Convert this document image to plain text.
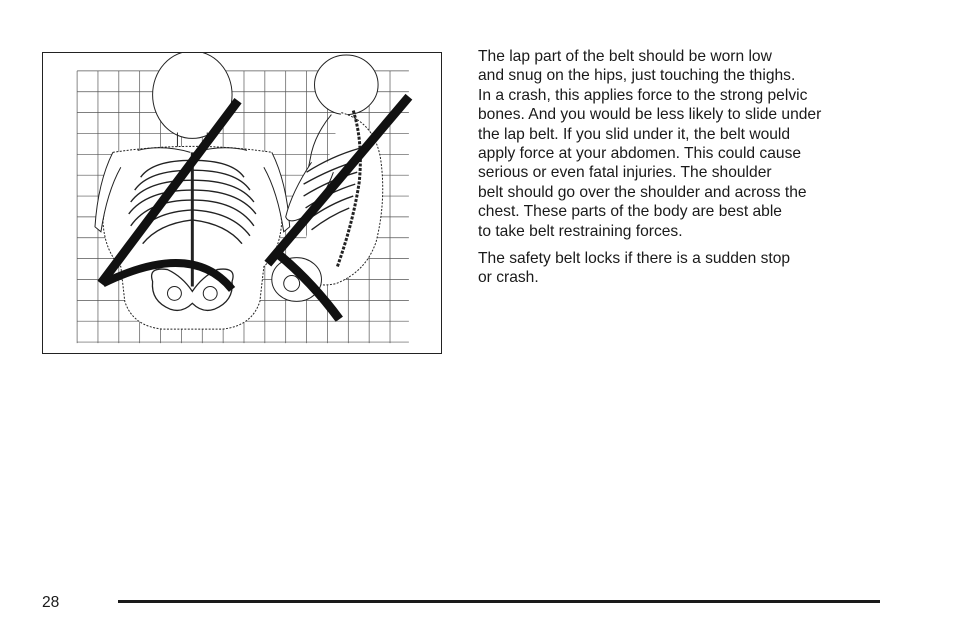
The lap part of the belt should be worn low
and snug on the hips, just touching the thighs.
In a crash, this applies force to the strong pelvic
bones. And you would be less likely to slide under
the lap belt. If you slid under it, the belt would
apply force at your abdomen. This could cause
serious or even fatal injuries. The shoulder
belt should go over the shoulder and across the
chest. These parts of the body are best able
to take belt restraining forces.

The safety belt locks if there is a sudden stop
or crash.

28
